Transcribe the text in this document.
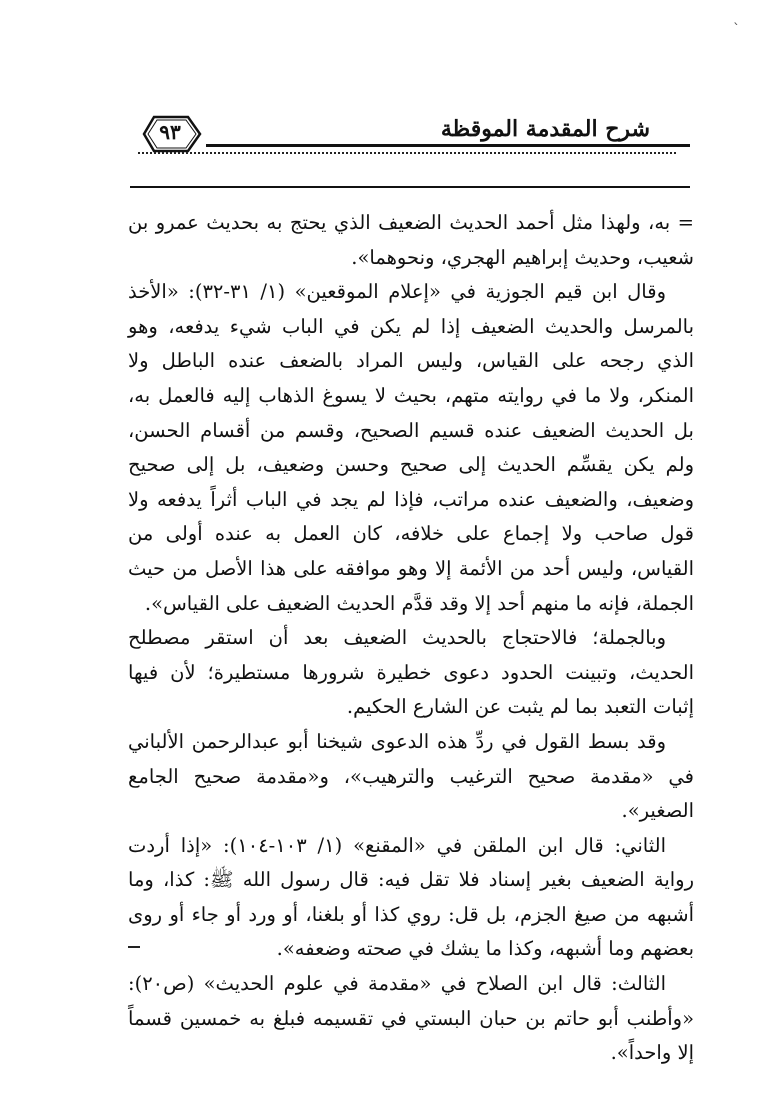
`
٩٣	شرح المقدمة الموقظة

= به، ولهذا مثل أحمد الحديث الضعيف الذي يحتج به بحديث عمرو بن شعيب، وحديث إبراهيم الهجري، ونحوهما».

وقال ابن قيم الجوزية في «إعلام الموقعين» (١/ ٣١-٣٢): «الأخذ بالمرسل والحديث الضعيف إذا لم يكن في الباب شيء يدفعه، وهو الذي رجحه على القياس، وليس المراد بالضعف عنده الباطل ولا المنكر، ولا ما في روايته متهم، بحيث لا يسوغ الذهاب إليه فالعمل به، بل الحديث الضعيف عنده قسيم الصحيح، وقسم من أقسام الحسن، ولم يكن يقسِّم الحديث إلى صحيح وحسن وضعيف، بل إلى صحيح وضعيف، والضعيف عنده مراتب، فإذا لم يجد في الباب أثراً يدفعه ولا قول صاحب ولا إجماع على خلافه، كان العمل به عنده أولى من القياس، وليس أحد من الأئمة إلا وهو موافقه على هذا الأصل من حيث الجملة، فإنه ما منهم أحد إلا وقد قدَّم الحديث الضعيف على القياس».

وبالجملة؛ فالاحتجاج بالحديث الضعيف بعد أن استقر مصطلح الحديث، وتبينت الحدود دعوى خطيرة شرورها مستطيرة؛ لأن فيها إثبات التعبد بما لم يثبت عن الشارع الحكيم.

وقد بسط القول في ردِّ هذه الدعوى شيخنا أبو عبدالرحمن الألباني في «مقدمة صحيح الترغيب والترهيب»، و«مقدمة صحيح الجامع الصغير».

الثاني: قال ابن الملقن في «المقنع» (١/ ١٠٣-١٠٤): «إذا أردت رواية الضعيف بغير إسناد فلا تقل فيه: قال رسول الله ﷺ: كذا، وما أشبهه من صيغ الجزم، بل قل: روي كذا أو بلغنا، أو ورد أو جاء أو روى بعضهم وما أشبهه، وكذا ما يشك في صحته وضعفه».

الثالث: قال ابن الصلاح في «مقدمة في علوم الحديث» (ص٢٠): «وأطنب أبو حاتم بن حبان البستي في تقسيمه فبلغ به خمسين قسماً إلا واحداً».
